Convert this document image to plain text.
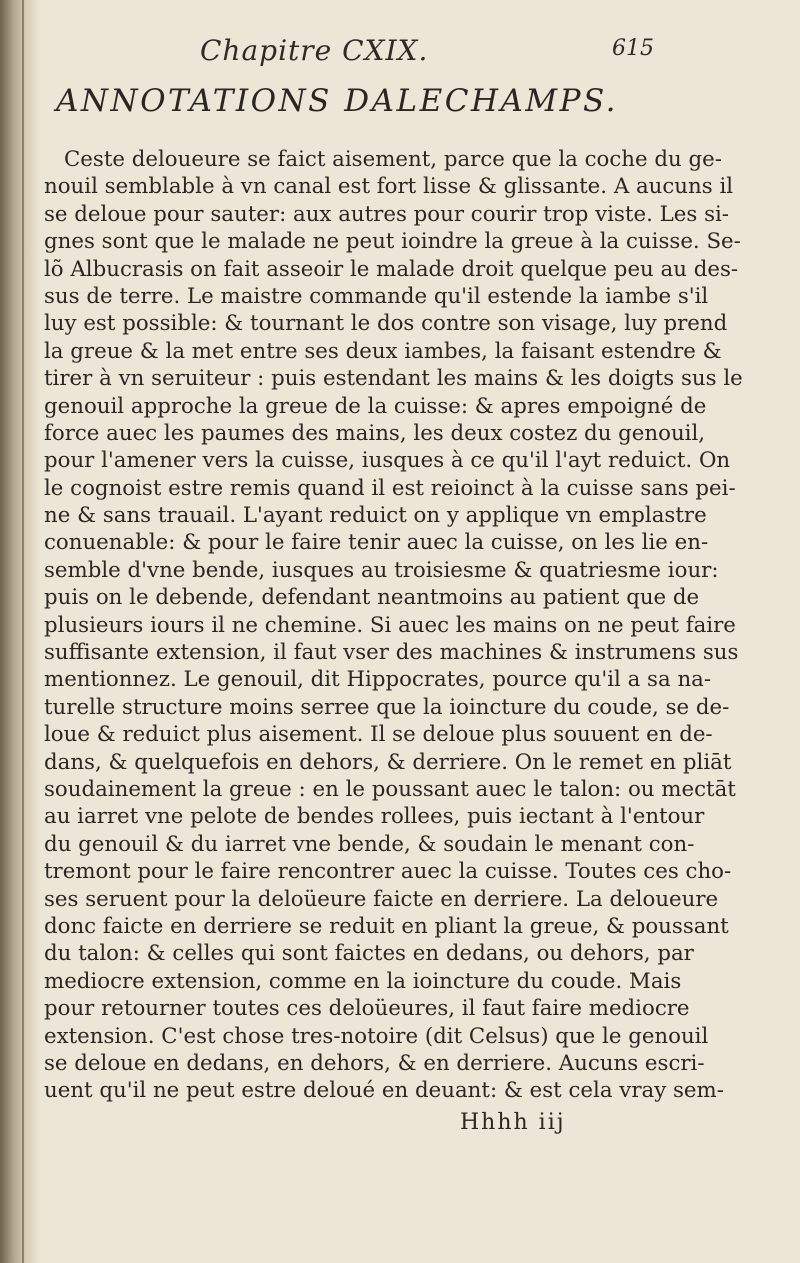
Chapitre CXIX.	615
ANNOTATIONS DALECHAMPS.
Ceste deloueure se faict aisement, parce que la coche du ge-
nouil semblable à vn canal est fort lisse & glissante. A aucuns il
se deloue pour sauter: aux autres pour courir trop viste. Les si-
gnes sont que le malade ne peut ioindre la greue à la cuisse. Se-
lõ Albucrasis on fait asseoir le malade droit quelque peu au des-
sus de terre. Le maistre commande qu'il estende la iambe s'il
luy est possible: & tournant le dos contre son visage, luy prend
la greue & la met entre ses deux iambes, la faisant estendre &
tirer à vn seruiteur : puis estendant les mains & les doigts sus le
genouil approche la greue de la cuisse: & apres empoigné de
force auec les paumes des mains, les deux costez du genouil,
pour l'amener vers la cuisse, iusques à ce qu'il l'ayt reduict. On
le cognoist estre remis quand il est reioinct à la cuisse sans pei-
ne & sans trauail. L'ayant reduict on y applique vn emplastre
conuenable: & pour le faire tenir auec la cuisse, on les lie en-
semble d'vne bende, iusques au troisiesme & quatriesme iour:
puis on le debende, defendant neantmoins au patient que de
plusieurs iours il ne chemine. Si auec les mains on ne peut faire
suffisante extension, il faut vser des machines & instrumens sus
mentionnez. Le genouil, dit Hippocrates, pource qu'il a sa na-
turelle structure moins serree que la ioincture du coude, se de-
loue & reduict plus aisement. Il se deloue plus souuent en de-
dans, & quelquefois en dehors, & derriere. On le remet en pliāt
soudainement la greue : en le poussant auec le talon: ou mectāt
au iarret vne pelote de bendes rollees, puis iectant à l'entour
du genouil & du iarret vne bende, & soudain le menant con-
tremont pour le faire rencontrer auec la cuisse. Toutes ces cho-
ses seruent pour la deloüeure faicte en derriere. La deloueure
donc faicte en derriere se reduit en pliant la greue, & poussant
du talon: & celles qui sont faictes en dedans, ou dehors, par
mediocre extension, comme en la ioincture du coude. Mais
pour retourner toutes ces deloüeures, il faut faire mediocre
extension. C'est chose tres-notoire (dit Celsus) que le genouil
se deloue en dedans, en dehors, & en derriere. Aucuns escri-
uent qu'il ne peut estre deloué en deuant: & est cela vray sem-
Hhhh iij
